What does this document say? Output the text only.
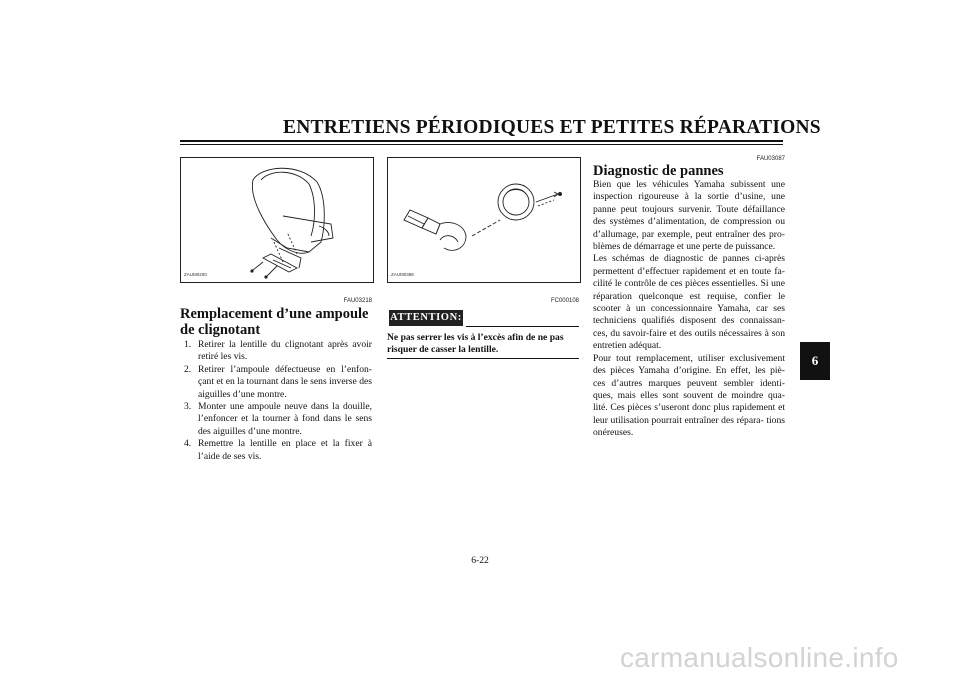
ENTRETIENS PÉRIODIQUES ET PETITES RÉPARATIONS
ZAUM0200	ZAUM0388
FAU03218
Remplacement d’une ampoule de clignotant
1. Retirer la lentille du clignotant après avoir retiré les vis.
2. Retirer l’ampoule défectueuse en l’enfon- çant et en la tournant dans le sens inverse des aiguilles d’une montre.
3. Monter une ampoule neuve dans la douille, l’enfoncer et la tourner à fond dans le sens des aiguilles d’une montre.
4. Remettre la lentille en place et la fixer à l’aide de ses vis.
FC000108
ATTENTION:
Ne pas serrer les vis à l’excès afin de ne pas risquer de casser la lentille.
FAU03087
Diagnostic de pannes
Bien que les véhicules Yamaha subissent une inspection rigoureuse à la sortie d’usine, une panne peut toujours survenir. Toute défaillance des systèmes d’alimentation, de compression ou d’allumage, par exemple, peut entraîner des pro- blèmes de démarrage et une perte de puissance.
Les schémas de diagnostic de pannes ci-après permettent d’effectuer rapidement et en toute fa- cilité le contrôle de ces pièces essentielles. Si une réparation quelconque est requise, confier le scooter à un concessionnaire Yamaha, car ses techniciens qualifiés disposent des connaissan- ces, du savoir-faire et des outils nécessaires à son entretien adéquat.
Pour tout remplacement, utiliser exclusivement des pièces Yamaha d’origine. En effet, les piè- ces d’autres marques peuvent sembler identi- ques, mais elles sont souvent de moindre qua- lité. Ces pièces s’useront donc plus rapidement et leur utilisation pourrait entraîner des répara- tions onéreuses.
6
6-22
carmanualsonline.info
